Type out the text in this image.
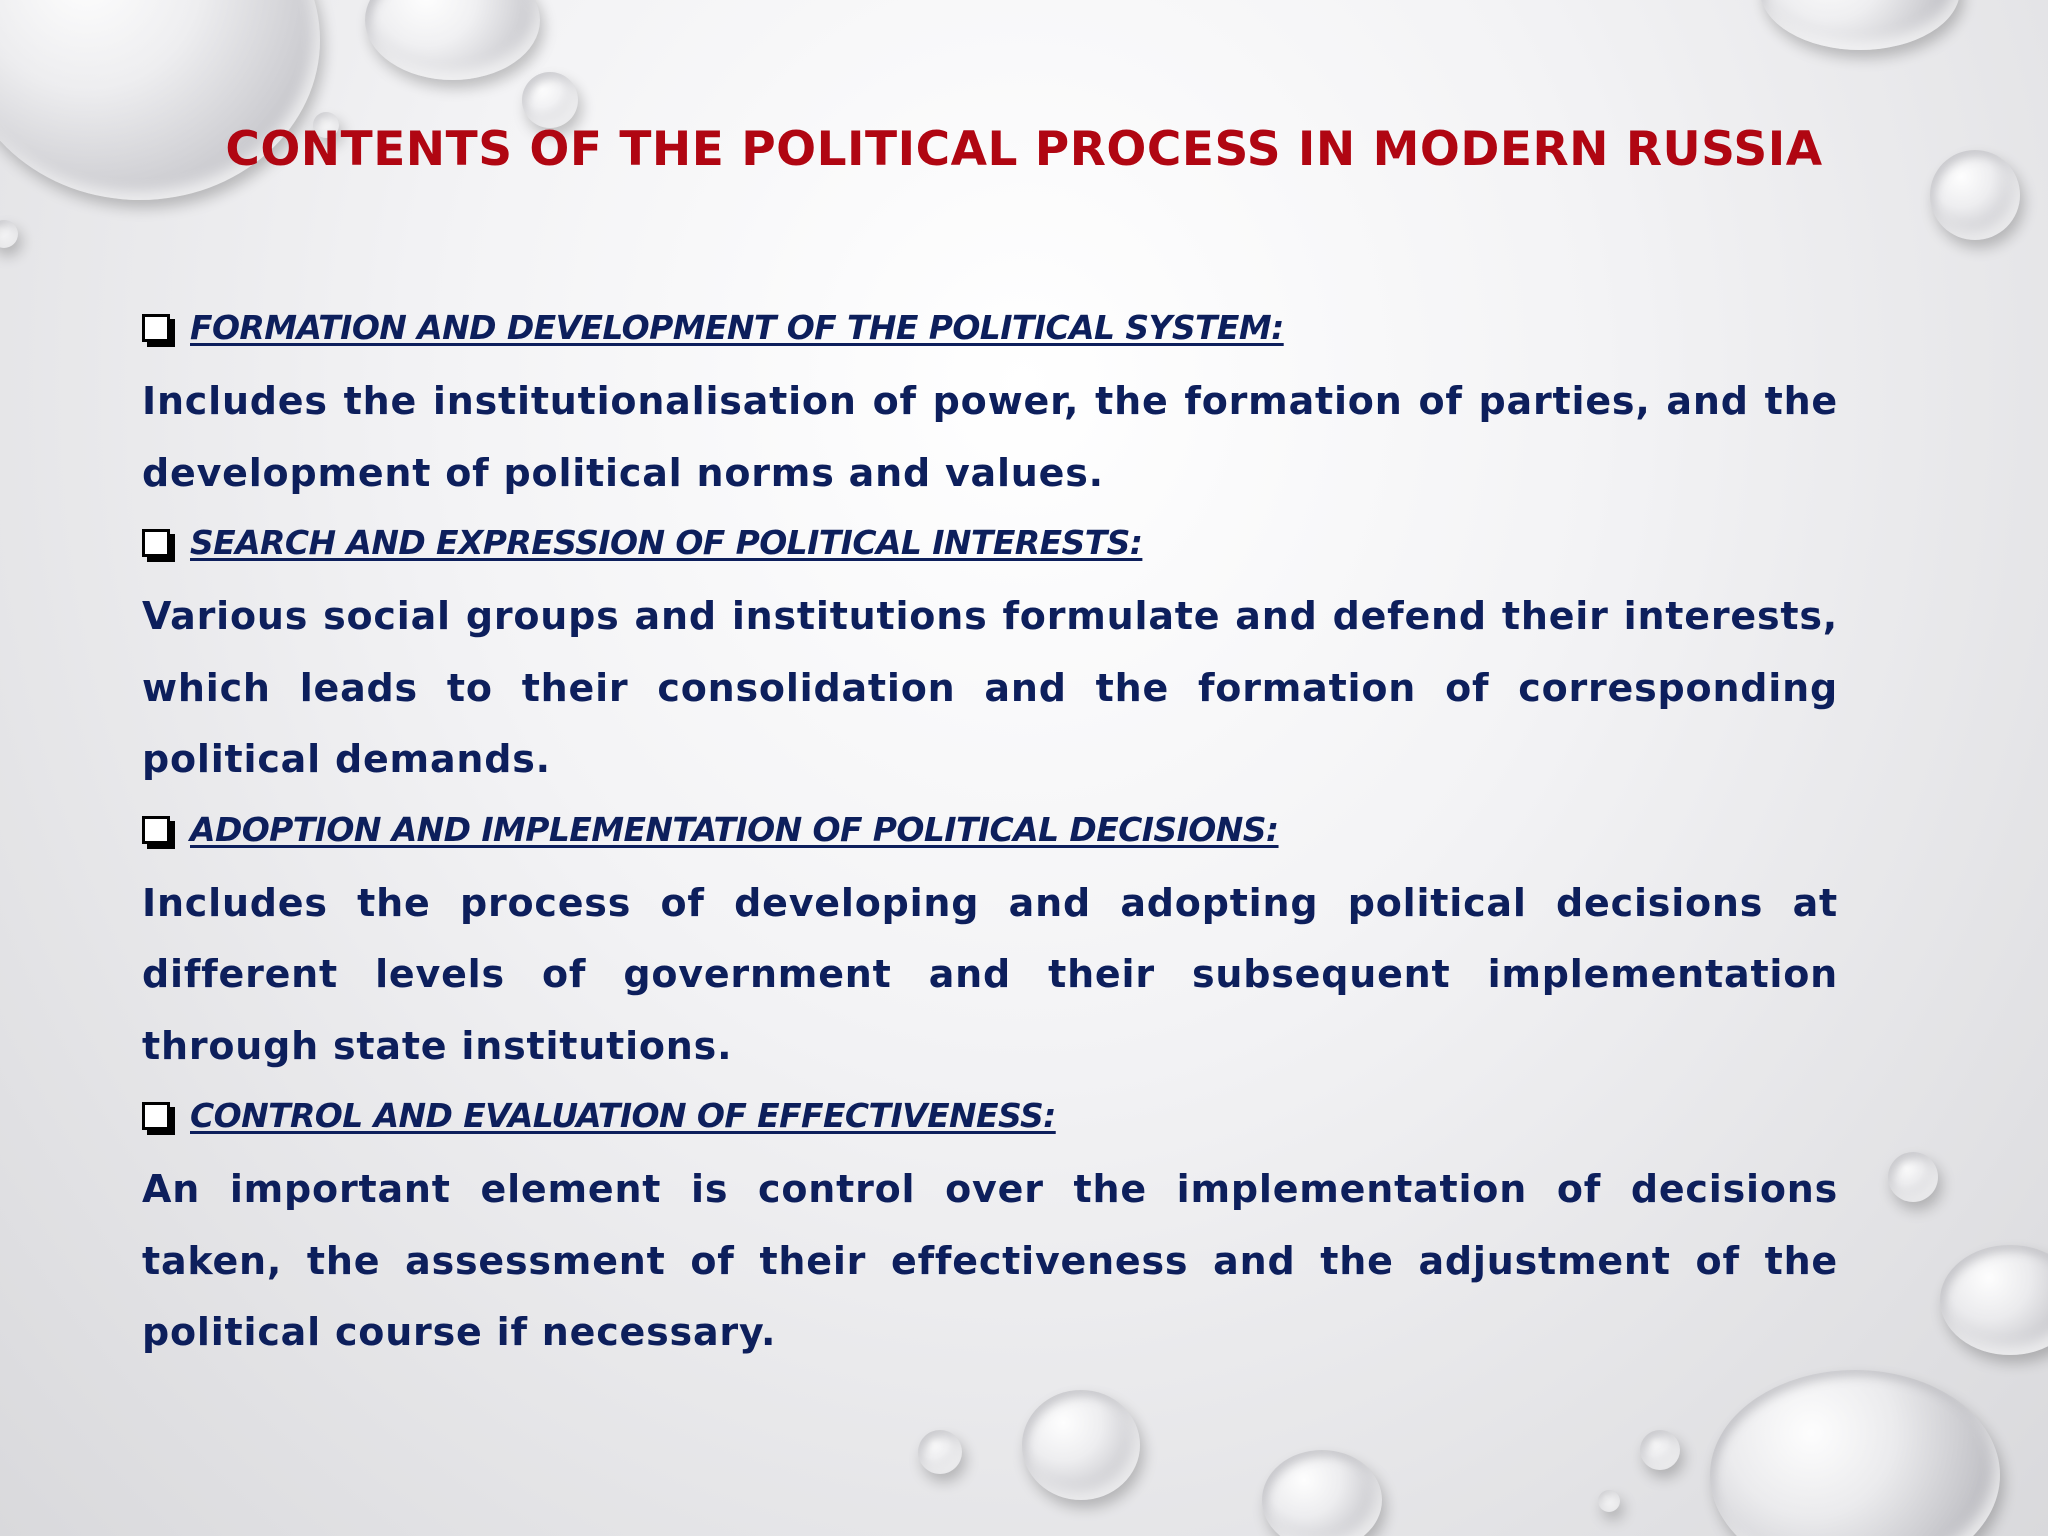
CONTENTS OF THE POLITICAL PROCESS IN MODERN RUSSIA
FORMATION AND DEVELOPMENT OF THE POLITICAL SYSTEM:

Includes the institutionalisation of power, the formation of parties, and the development of political norms and values.

SEARCH AND EXPRESSION OF POLITICAL INTERESTS:

Various social groups and institutions formulate and defend their interests, which leads to their consolidation and the formation of corresponding political demands.

ADOPTION AND IMPLEMENTATION OF POLITICAL DECISIONS:

Includes the process of developing and adopting political decisions at different levels of government and their subsequent implementation through state institutions.

CONTROL AND EVALUATION OF EFFECTIVENESS:

An important element is control over the implementation of decisions taken, the assessment of their effectiveness and the adjustment of the political course if necessary.
